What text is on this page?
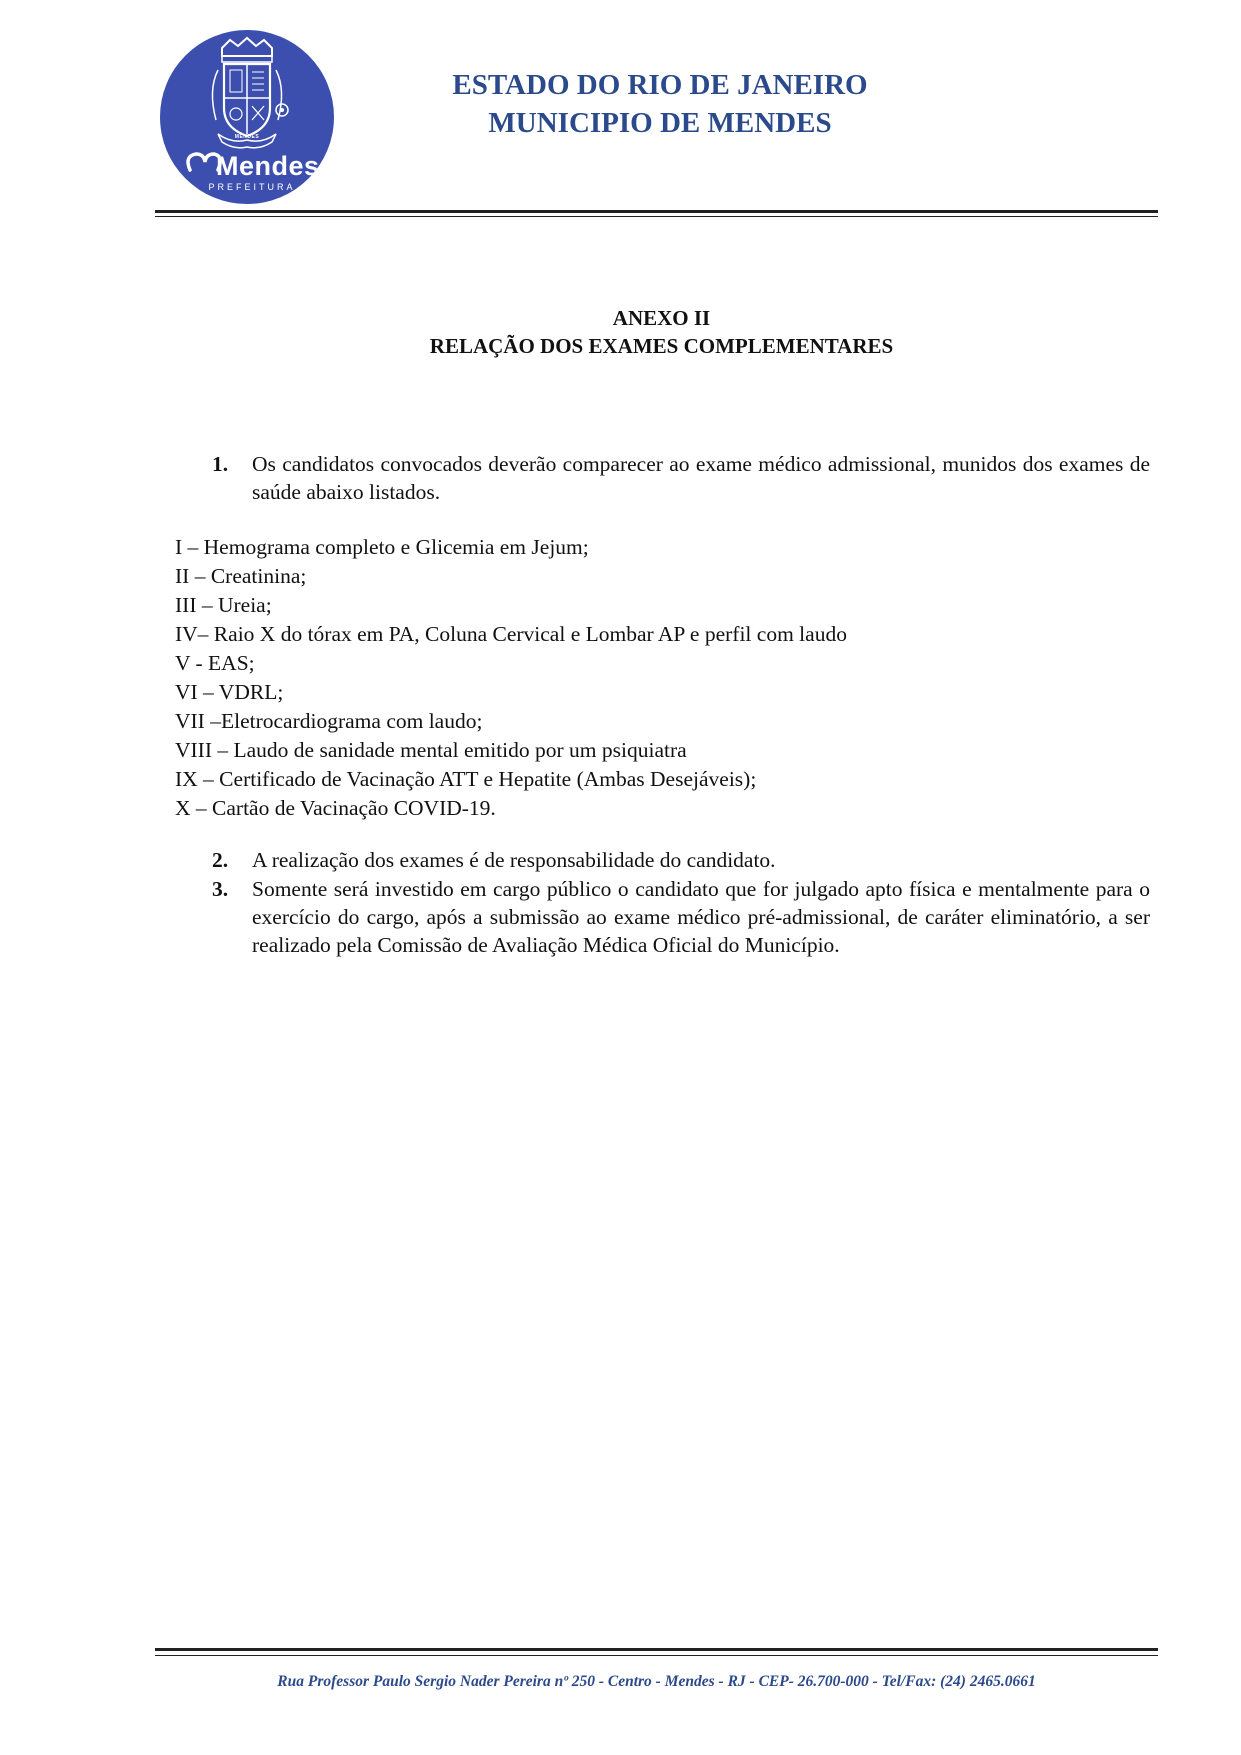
MENDES
Mendes
PREFEITURA
ESTADO DO RIO DE JANEIRO
MUNICIPIO DE MENDES
ANEXO II
RELAÇÃO DOS EXAMES COMPLEMENTARES
1. Os candidatos convocados deverão comparecer ao exame médico admissional, munidos dos exames de saúde abaixo listados.
I – Hemograma completo e Glicemia em Jejum;
II – Creatinina;
III – Ureia;
IV– Raio X do tórax em PA, Coluna Cervical e Lombar AP e perfil com laudo
V - EAS;
VI – VDRL;
VII –Eletrocardiograma com laudo;
VIII – Laudo de sanidade mental emitido por um psiquiatra
IX – Certificado de Vacinação ATT e Hepatite (Ambas Desejáveis);
X – Cartão de Vacinação COVID-19.
2. A realização dos exames é de responsabilidade do candidato.
3. Somente será investido em cargo público o candidato que for julgado apto física e mentalmente para o exercício do cargo, após a submissão ao exame médico pré-admissional, de caráter eliminatório, a ser realizado pela Comissão de Avaliação Médica Oficial do Município.
Rua Professor Paulo Sergio Nader Pereira nº 250 - Centro - Mendes - RJ - CEP- 26.700-000 - Tel/Fax: (24) 2465.0661
